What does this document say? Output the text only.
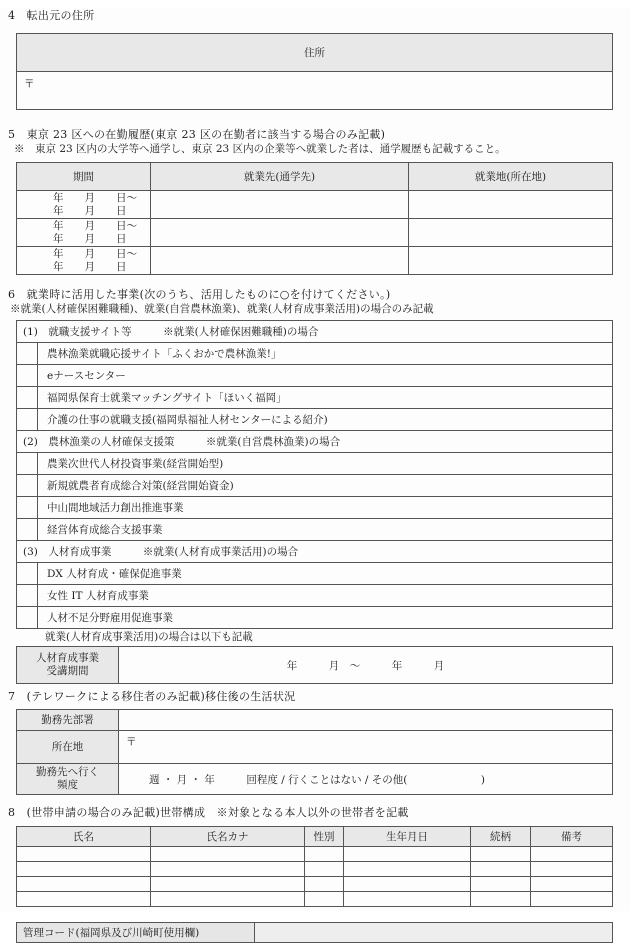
4　転出元の住所
住所
〒
5　東京 23 区への在勤履歴(東京 23 区の在勤者に該当する場合のみ記載)
※　東京 23 区内の大学等へ通学し、東京 23 区内の企業等へ就業した者は、通学履歴も記載すること。
期間	就業先(通学先)	就業地(所在地)

年　　月　　日〜
年　　月　　日		

年　　月　　日〜
年　　月　　日		

年　　月　　日〜
年　　月　　日		

6　就業時に活用した事業(次のうち、活用したものに○を付けてください。)
※就業(人材確保困難職種)、就業(自営農林漁業)、就業(人材育成事業活用)の場合のみ記載
(1)　就職支援サイト等　　　※就業(人材確保困難職種)の場合	
	農林漁業就職応援サイト「ふくおかで農林漁業!」
	eナースセンター
	福岡県保育士就業マッチングサイト「ほいく福岡」
	介護の仕事の就職支援(福岡県福祉人材センターによる紹介)
(2)　農林漁業の人材確保支援策　　　※就業(自営農林漁業)の場合	
	農業次世代人材投資事業(経営開始型)
	新規就農者育成総合対策(経営開始資金)
	中山間地域活力創出推進事業
	経営体育成総合支援事業
(3)　人材育成事業　　　※就業(人材育成事業活用)の場合	
	DX 人材育成・確保促進事業
	女性 IT 人材育成事業
	人材不足分野雇用促進事業
就業(人材育成事業活用)の場合は以下も記載
人材育成事業
受講期間	年　　　月　〜　　　年　　　月
7　(テレワークによる移住者のみ記載)移住後の生活状況
勤務先部署	
所在地	〒
勤務先へ行く頻度	週 ・ 月 ・ 年　　　回程度 / 行くことはない / その他(　　　　　　　)
8　(世帯申請の場合のみ記載)世帯構成　※対象となる本人以外の世帯者を記載
氏名	氏名カナ	性別	生年月日	続柄	備考

管理コード(福岡県及び川崎町使用欄)	
